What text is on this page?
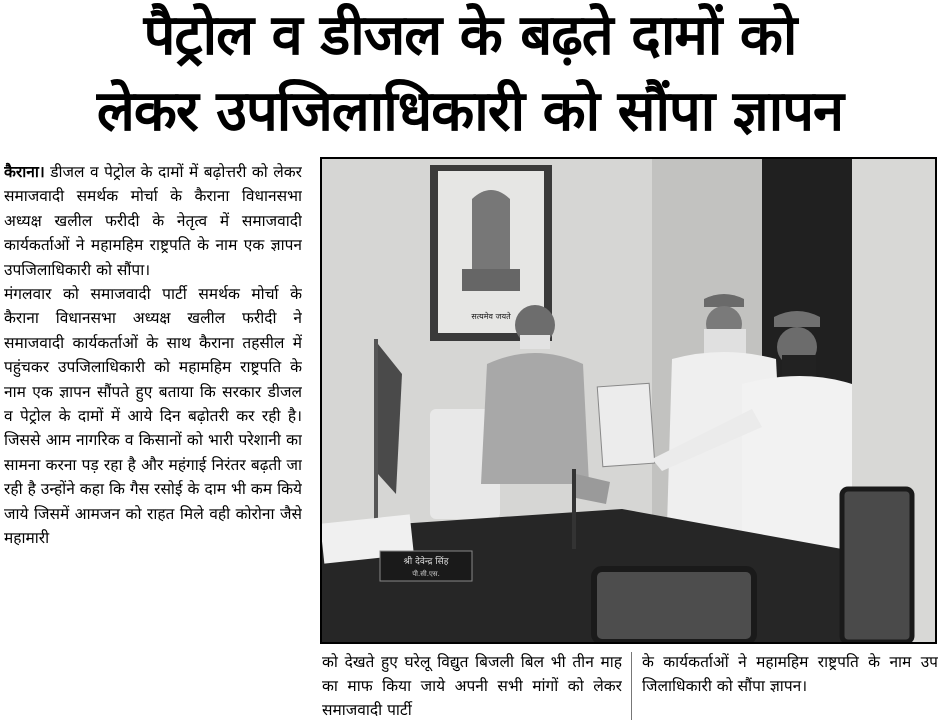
पैट्रोल व डीजल के बढ़ते दामों को
लेकर उपजिलाधिकारी को सौंपा ज्ञापन

कैराना। डीजल व पेट्रोल के दामों में बढ़ोत्तरी को लेकर समाजवादी समर्थक मोर्चा के कैराना विधानसभा अध्यक्ष खलील फरीदी के नेतृत्व में समाजवादी कार्यकर्ताओं ने महामहिम राष्ट्रपति के नाम एक ज्ञापन उपजिलाधिकारी को सौंपा।

मंगलवार को समाजवादी पार्टी समर्थक मोर्चा के कैराना विधानसभा अध्यक्ष खलील फरीदी ने समाजवादी कार्यकर्ताओं के साथ कैराना तहसील में पहुंचकर उपजिलाधिकारी को महामहिम राष्ट्रपति के नाम एक ज्ञापन सौंपते हुए बताया कि सरकार डीजल व पेट्रोल के दामों में आये दिन बढ़ोतरी कर रही है।जिससे आम नागरिक व किसानों को भारी परेशानी का सामना करना पड़ रहा है और महंगाई निरंतर बढ़ती जा रही है उन्होंने कहा कि गैस रसोई के दाम भी कम किये जाये जिसमें आमजन को राहत मिले वही कोरोना जैसे महामारी

सत्यमेव जयते
श्री देवेन्द्र सिंह
पी.सी.एस.

को देखते हुए घरेलू विद्युत बिजली बिल भी तीन माह का माफ किया जाये अपनी सभी मांगों को लेकर समाजवादी पार्टी

के कार्यकर्ताओं ने महामहिम राष्ट्रपति के नाम उप जिलाधिकारी को सौंपा ज्ञापन।
